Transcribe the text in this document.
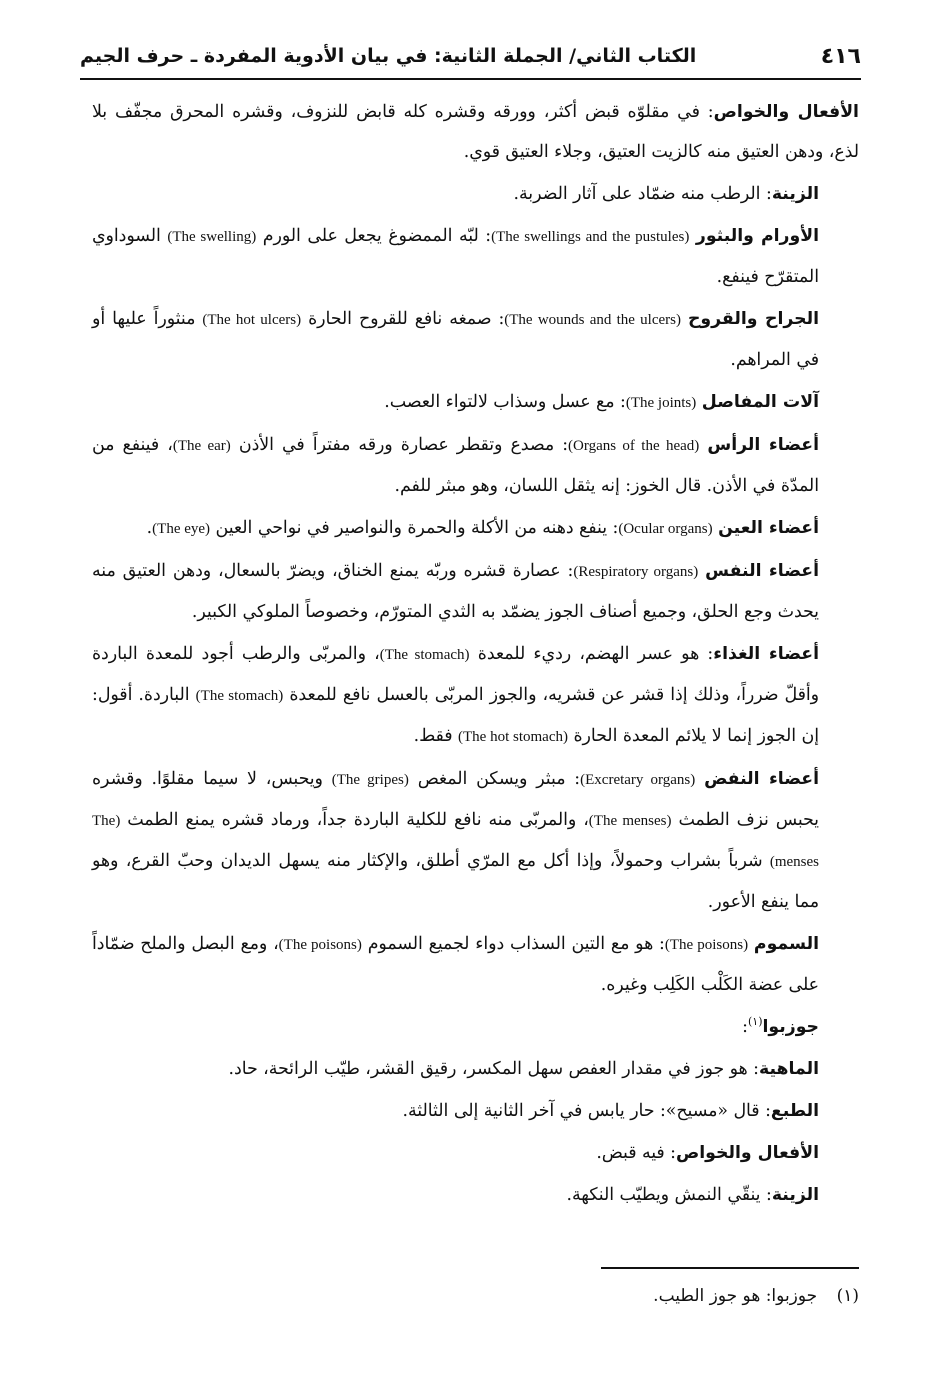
الكتاب الثاني/ الجملة الثانية: في بيان الأدوية المفردة ـ حرف الجيم	٤١٦

الأفعال والخواص: في مقلوّه قبض أكثر، وورقه وقشره كله قابض للنزوف، وقشره المحرق مجفّف بلا لذع، ودهن العتيق منه كالزيت العتيق، وجلاء العتيق قوي.

الزينة: الرطب منه ضمّاد على آثار الضربة.

الأورام والبثور (The swellings and the pustules): لبّه الممضوغ يجعل على الورم (The swelling) السوداوي المتقرّح فينفع.

الجراح والقروح (The wounds and the ulcers): صمغه نافع للقروح الحارة (The hot ulcers) منثوراً عليها أو في المراهم.

آلات المفاصل (The joints): مع عسل وسذاب لالتواء العصب.

أعضاء الرأس (Organs of the head): مصدع وتقطر عصارة ورقه مفتراً في الأذن (The ear)، فينفع من المدّة في الأذن. قال الخوز: إنه يثقل اللسان، وهو مبثر للفم.

أعضاء العين (Ocular organs): ينفع دهنه من الأكلة والحمرة والنواصير في نواحي العين (The eye).

أعضاء النفس (Respiratory organs): عصارة قشره وربّه يمنع الخناق، ويضرّ بالسعال، ودهن العتيق منه يحدث وجع الحلق، وجميع أصناف الجوز يضمّد به الثدي المتورّم، وخصوصاً الملوكي الكبير.

أعضاء الغذاء: هو عسر الهضم، رديء للمعدة (The stomach)، والمربّى والرطب أجود للمعدة الباردة وأقلّ ضرراً، وذلك إذا قشر عن قشريه، والجوز المربّى بالعسل نافع للمعدة (The stomach) الباردة. أقول: إن الجوز إنما لا يلائم المعدة الحارة (The hot stomach) فقط.

أعضاء النفض (Excretary organs): مبثر ويسكن المغص (The gripes) ويحبس، لا سيما مقلوًا. وقشره يحبس نزف الطمث (The menses)، والمربّى منه نافع للكلية الباردة جداً، ورماد قشره يمنع الطمث (The menses) شرباً بشراب وحمولاً، وإذا أكل مع المرّي أطلق، والإكثار منه يسهل الديدان وحبّ القرع، وهو مما ينفع الأعور.

السموم (The poisons): هو مع التين السذاب دواء لجميع السموم (The poisons)، ومع البصل والملح ضمّاداً على عضة الكَلْب الكَلِب وغيره.

جوزبوا$^{(١)}$:

الماهية: هو جوز في مقدار العفص سهل المكسر، رقيق القشر، طيّب الرائحة، حاد.

الطبع: قال «مسيح»: حار يابس في آخر الثانية إلى الثالثة.

الأفعال والخواص: فيه قبض.

الزينة: ينقّي النمش ويطيّب النكهة.

(١) جوزبوا: هو جوز الطيب.
